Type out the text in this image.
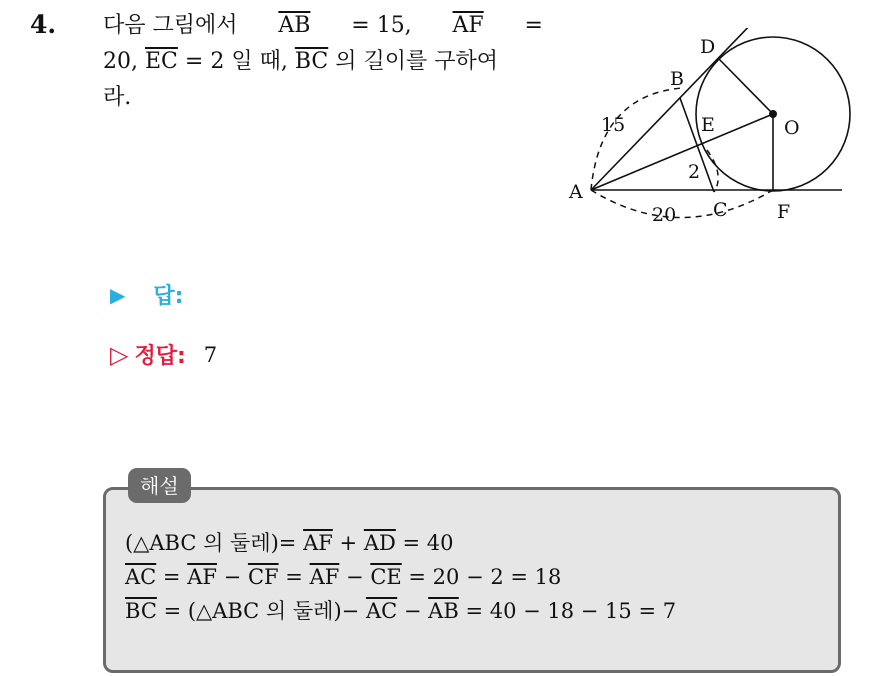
4. 다음 그림에서 $\overline{AB} = 15$, $\overline{AF}$ =
20, $\overline{EC} = 2$ 일 때, $\overline{BC}$ 의 길이를 구하여
라.
A
B
C
D
E
F
O
15
20
2
▶ 답:
▷ 정답: 7
해설
(△ABC 의 둘레)= $\overline{AF} + \overline{AD} = 40$
$\overline{AC} = \overline{AF} - \overline{CF} = \overline{AF} - \overline{CE} = 20 - 2 = 18$
$\overline{BC}$ = (△ABC 의 둘레)− $\overline{AC} - \overline{AB} = 40 - 18 - 15 = 7$
